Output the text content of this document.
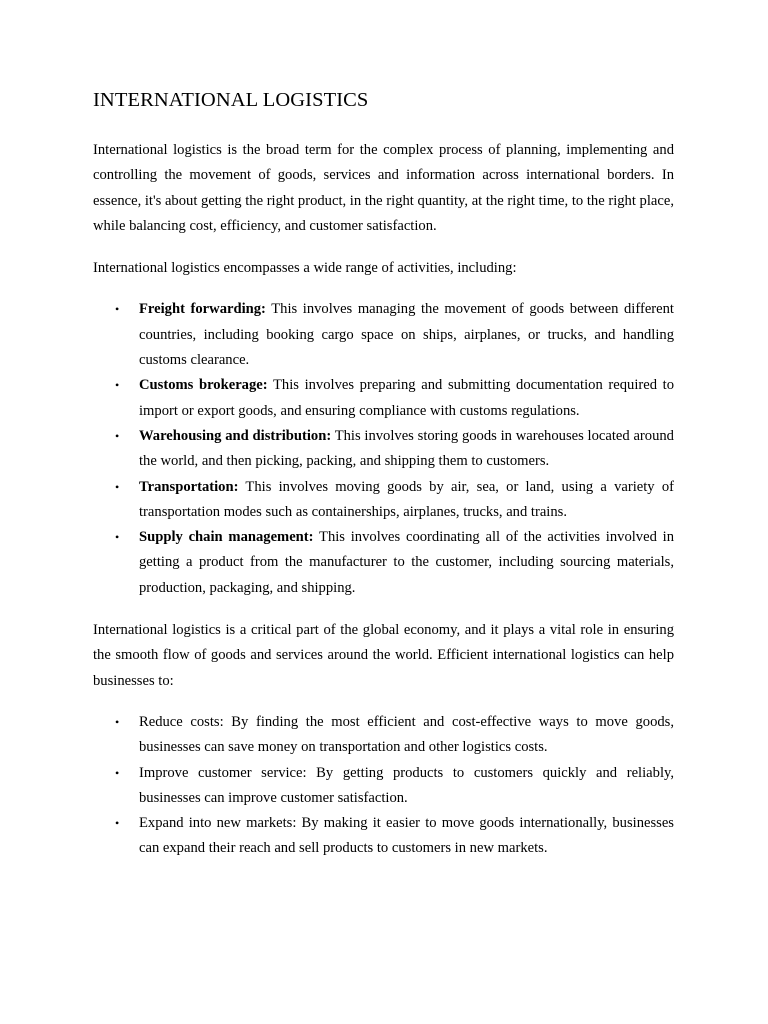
INTERNATIONAL LOGISTICS

International logistics is the broad term for the complex process of planning, implementing and controlling the movement of goods, services and information across international borders. In essence, it's about getting the right product, in the right quantity, at the right time, to the right place, while balancing cost, efficiency, and customer satisfaction.

International logistics encompasses a wide range of activities, including:

•	Freight forwarding: This involves managing the movement of goods between different countries, including booking cargo space on ships, airplanes, or trucks, and handling customs clearance.
•	Customs brokerage: This involves preparing and submitting documentation required to import or export goods, and ensuring compliance with customs regulations.
•	Warehousing and distribution: This involves storing goods in warehouses located around the world, and then picking, packing, and shipping them to customers.
•	Transportation: This involves moving goods by air, sea, or land, using a variety of transportation modes such as containerships, airplanes, trucks, and trains.
•	Supply chain management: This involves coordinating all of the activities involved in getting a product from the manufacturer to the customer, including sourcing materials, production, packaging, and shipping.

International logistics is a critical part of the global economy, and it plays a vital role in ensuring the smooth flow of goods and services around the world. Efficient international logistics can help businesses to:

•	Reduce costs: By finding the most efficient and cost-effective ways to move goods, businesses can save money on transportation and other logistics costs.
•	Improve customer service: By getting products to customers quickly and reliably, businesses can improve customer satisfaction.
•	Expand into new markets: By making it easier to move goods internationally, businesses can expand their reach and sell products to customers in new markets.
